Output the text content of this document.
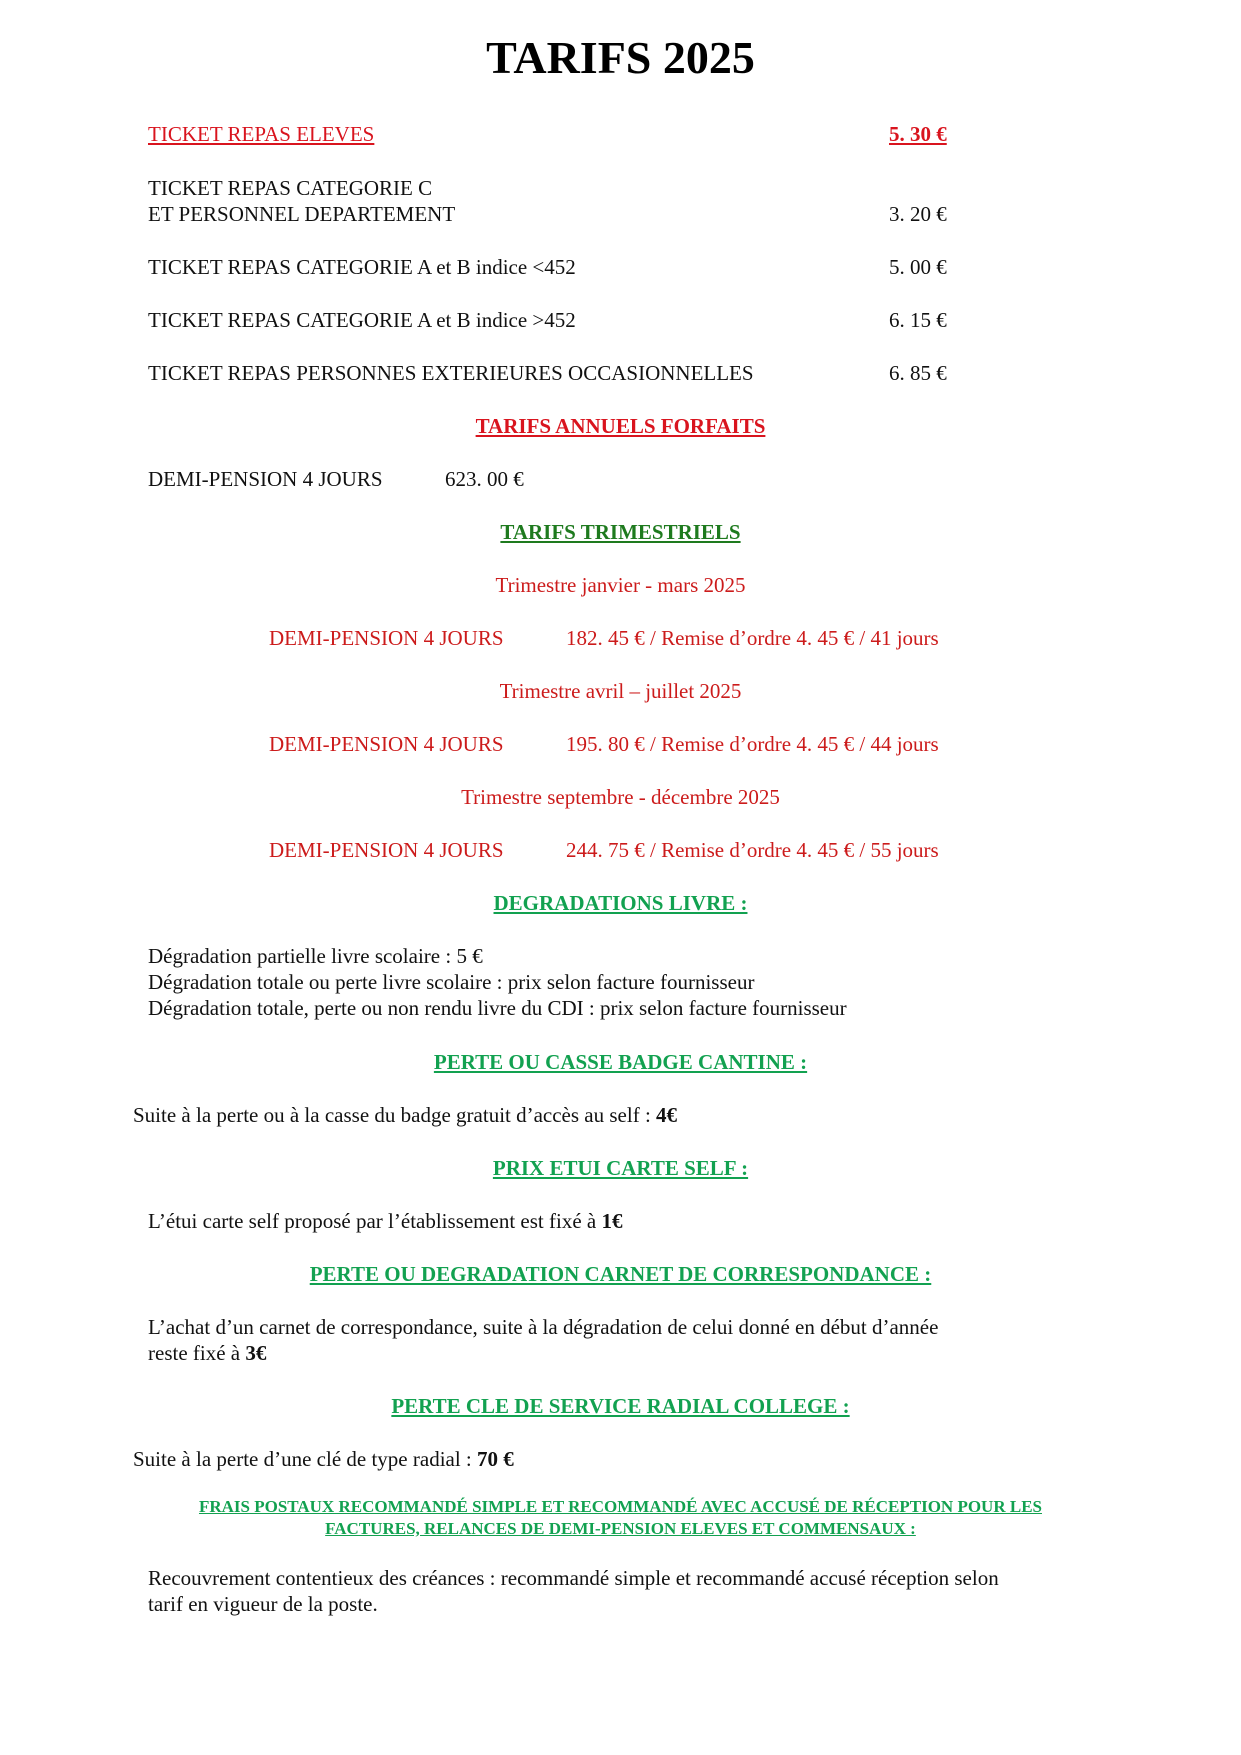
TARIFS 2025
TICKET REPAS ELEVES	5. 30 €
TICKET REPAS CATEGORIE C
ET PERSONNEL DEPARTEMENT	3. 20 €
TICKET REPAS CATEGORIE A et B indice <452	5. 00 €
TICKET REPAS CATEGORIE A et B indice >452	6. 15 €
TICKET REPAS PERSONNES EXTERIEURES OCCASIONNELLES	6. 85 €
TARIFS ANNUELS FORFAITS
DEMI-PENSION 4 JOURS	623. 00 €
TARIFS TRIMESTRIELS
Trimestre janvier - mars 2025
DEMI-PENSION 4 JOURS	182. 45 € / Remise d’ordre 4. 45 € / 41 jours
Trimestre avril – juillet 2025
DEMI-PENSION 4 JOURS	195. 80 € / Remise d’ordre 4. 45 € / 44 jours
Trimestre septembre - décembre 2025
DEMI-PENSION 4 JOURS	244. 75 € / Remise d’ordre 4. 45 € / 55 jours
DEGRADATIONS LIVRE :
Dégradation partielle livre scolaire : 5 €
Dégradation totale ou perte livre scolaire : prix selon facture fournisseur
Dégradation totale, perte ou non rendu livre du CDI : prix selon facture fournisseur
PERTE OU CASSE BADGE CANTINE :
Suite à la perte ou à la casse du badge gratuit d’accès au self : 4€
PRIX ETUI CARTE SELF :
L’étui carte self proposé par l’établissement est fixé à 1€
PERTE OU DEGRADATION CARNET DE CORRESPONDANCE :
L’achat d’un carnet de correspondance, suite à la dégradation de celui donné en début d’année
reste fixé à 3€
PERTE CLE DE SERVICE RADIAL COLLEGE :
Suite à la perte d’une clé de type radial : 70 €
FRAIS POSTAUX RECOMMANDÉ SIMPLE ET RECOMMANDÉ AVEC ACCUSÉ DE RÉCEPTION POUR LES
FACTURES, RELANCES DE DEMI-PENSION ELEVES ET COMMENSAUX :
Recouvrement contentieux des créances : recommandé simple et recommandé accusé réception selon
tarif en vigueur de la poste.
